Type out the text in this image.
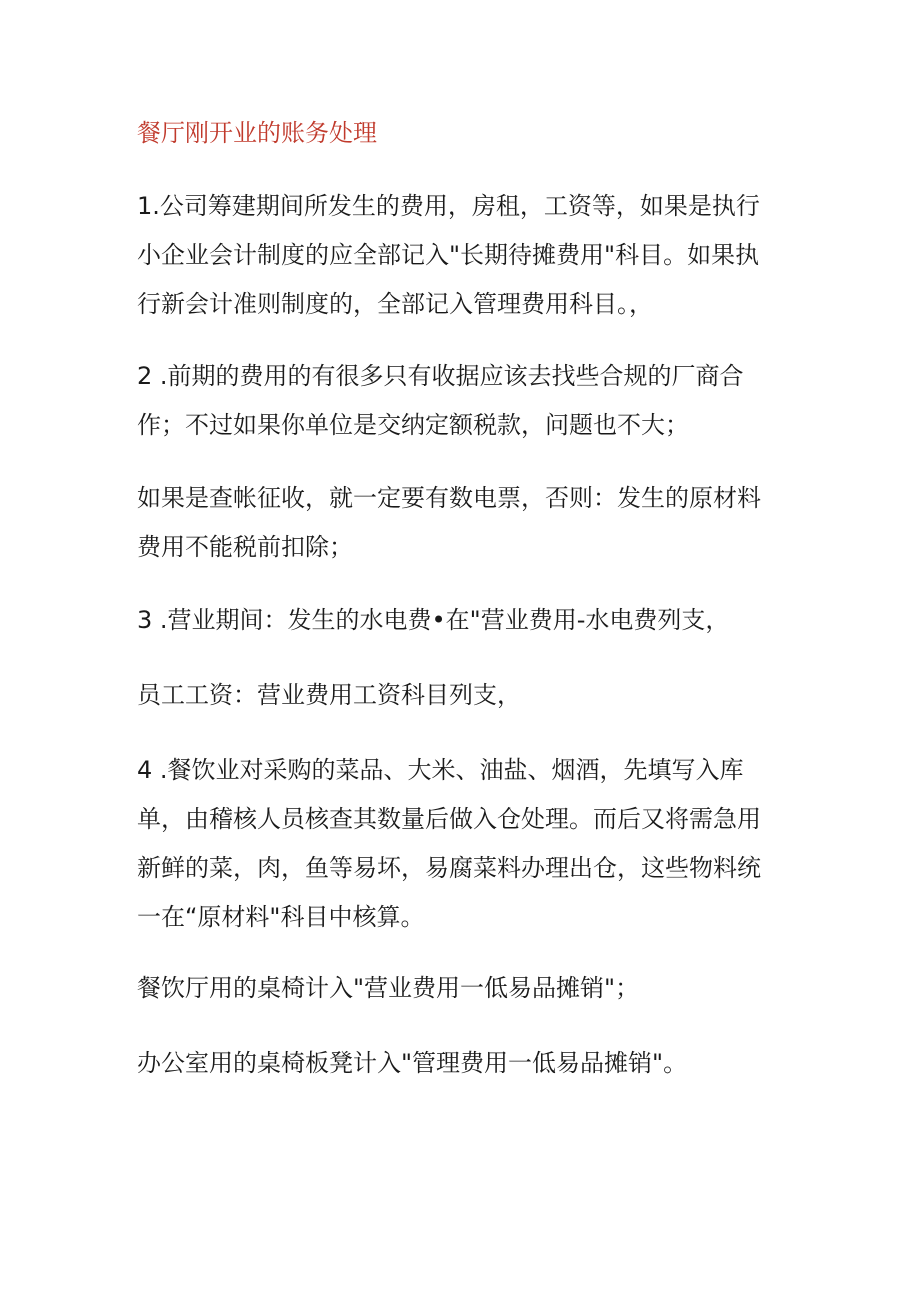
餐厅刚开业的账务处理

1.公司筹建期间所发生的费用，房租，工资等，如果是执行
小企业会计制度的应全部记入"长期待摊费用"科目。如果执
行新会计准则制度的，全部记入管理费用科目。，

2 .前期的费用的有很多只有收据应该去找些合规的厂商合
作；不过如果你单位是交纳定额税款，问题也不大；

如果是查帐征收，就一定要有数电票，否则：发生的原材料
费用不能税前扣除；

3 .营业期间：发生的水电费•在"营业费用-水电费列支，

员工工资：营业费用工资科目列支，

4 .餐饮业对采购的菜品、大米、油盐、烟酒，先填写入库
单，由稽核人员核查其数量后做入仓处理。而后又将需急用
新鲜的菜，肉，鱼等易坏，易腐菜料办理出仓，这些物料统
一在“原材料"科目中核算。

餐饮厅用的桌椅计入"营业费用一低易品摊销"；

办公室用的桌椅板凳计入"管理费用一低易品摊销"。
